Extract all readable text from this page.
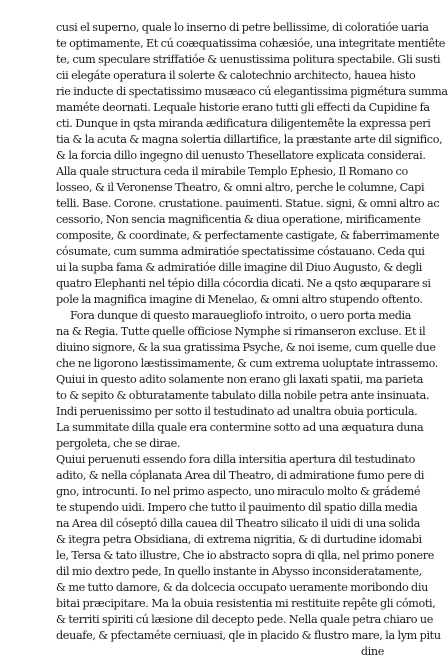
cusi el superno, quale lo inserno di petre bellissime, di coloratióe uaria
te optimamente, Et cú coæquatissima cohæsióe, una integritate mentiête
te, cum speculare striffatióe & uenustissima politura spectabile. Gli susti
cii elegáte operatura il solerte & calotechnio architecto, hauea histo
rie inducte di spectatissimo musæaco cú elegantissima pigmétura summa
maméte deornati. Lequale historie erano tutti gli effecti da Cupidine fa
cti. Dunque in qsta miranda ædificatura diligentemête la expressa peri
tia & la acuta & magna solertia dillartifice, la præstante arte dil significo,
& la forcia dillo ingegno dil uenusto Thesellatore explicata considerai.
Alla quale structura ceda il mirabile Templo Ephesio, Il Romano co
losseo, & il Veronense Theatro, & omni altro, perche le columne, Capi
telli. Base. Corone. crustatione. pauimenti. Statue. signi, & omni altro ac
cessorio, Non sencia magnificentia & diua operatione, mirificamente
composite, & coordinate, & perfectamente castigate, & faberrimamente
cósumate, cum summa admiratióe spectatissime cóstauano. Ceda qui
ui la supba fama & admiratióe dille imagine dil Diuo Augusto, & degli
quatro Elephanti nel tépio dilla cócordia dicati. Ne a qsto æquparare si
pole la magnifica imagine di Menelao, & omni altro stupendo oftento.
Fora dunque di questo marauegliofo introito, o uero porta media
na & Regia. Tutte quelle officiose Nymphe si rimanseron excluse. Et il
diuino signore, & la sua gratissima Psyche, & noi iseme, cum quelle due
che ne ligorono læstissimamente, & cum extrema uoluptate intrassemo.
Quiui in questo adito solamente non erano gli laxati spatii, ma parieta
to & sepito & obturatamente tabulato dilla nobile petra ante insinuata.
Indi peruenissimo per sotto il testudinato ad unaltra obuia porticula.
La summitate dilla quale era contermine sotto ad una æquatura duna
pergoleta, che se dirae.
Quiui peruenuti essendo fora dilla intersitia apertura dil testudinato
adito, & nella cóplanata Area dil Theatro, di admiratione fumo pere di
gno, introcunti. Io nel primo aspecto, uno miraculo molto & grádemé
te stupendo uidi. Impero che tutto il pauimento dil spatio dilla media
na Area dil cóseptó dilla cauea dil Theatro silicato il uidi di una solida
& itegra petra Obsidiana, di extrema nigritia, & di durtudine idomabi
le, Tersa & tato illustre, Che io abstracto sopra di qlla, nel primo ponere
dil mio dextro pede, In quello instante in Abysso inconsideratamente,
& me tutto damore, & da dolcecia occupato ueramente moribondo diu
bitai præcipitare. Ma la obuia resistentia mi restituite repête gli cómoti,
& territi spiriti cú læsione dil decepto pede. Nella quale petra chiaro ue
deuafe, & pfectaméte cerniuasi, qle in placido & flustro mare, la lym pitu
dine
